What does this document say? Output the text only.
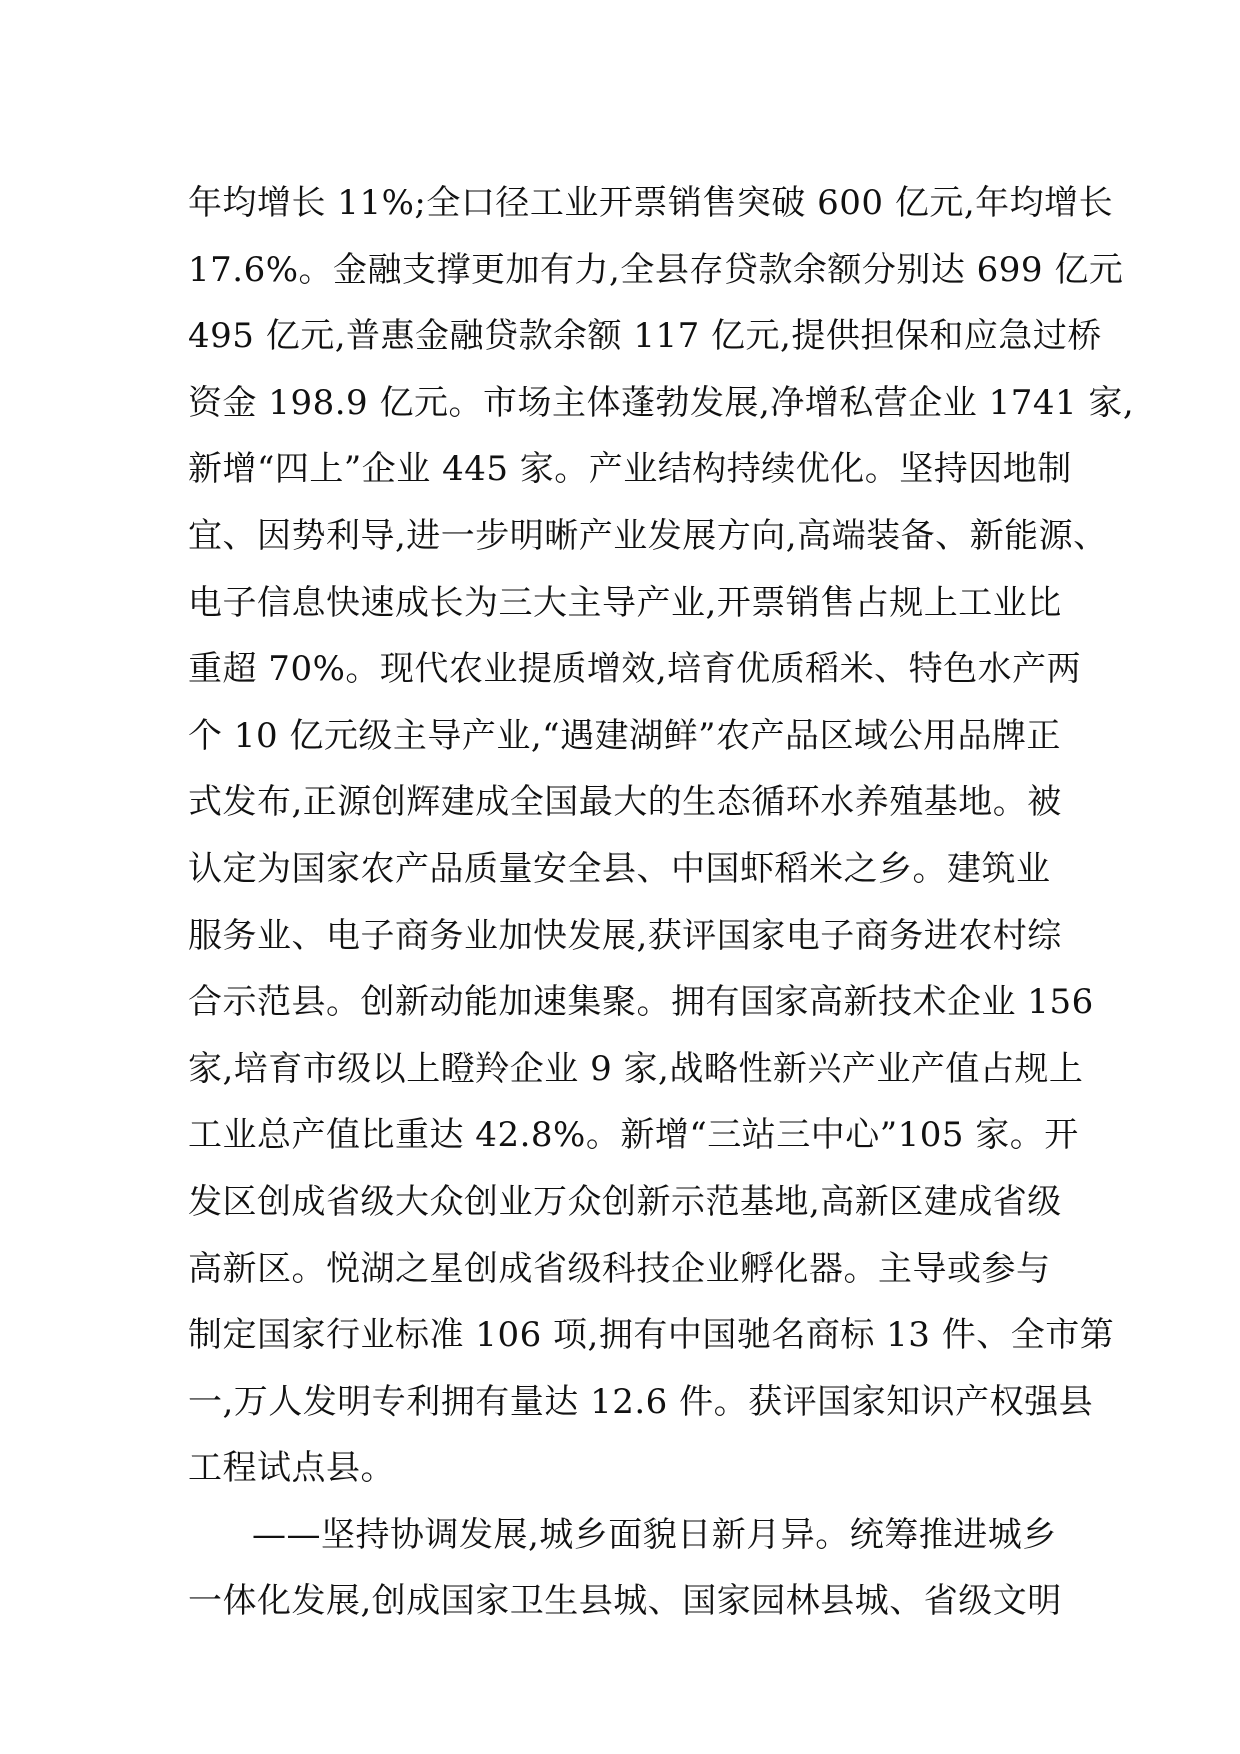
年均增长 11%;全口径工业开票销售突破 600 亿元,年均增长
17.6%。金融支撑更加有力,全县存贷款余额分别达 699 亿元
495 亿元,普惠金融贷款余额 117 亿元,提供担保和应急过桥
资金 198.9 亿元。市场主体蓬勃发展,净增私营企业 1741 家,
新增“四上”企业 445 家。产业结构持续优化。坚持因地制
宜、因势利导,进一步明晰产业发展方向,高端装备、新能源、
电子信息快速成长为三大主导产业,开票销售占规上工业比
重超 70%。现代农业提质增效,培育优质稻米、特色水产两
个 10 亿元级主导产业,“遇建湖鲜”农产品区域公用品牌正
式发布,正源创辉建成全国最大的生态循环水养殖基地。被
认定为国家农产品质量安全县、中国虾稻米之乡。建筑业
服务业、电子商务业加快发展,获评国家电子商务进农村综
合示范县。创新动能加速集聚。拥有国家高新技术企业 156
家,培育市级以上瞪羚企业 9 家,战略性新兴产业产值占规上
工业总产值比重达 42.8%。新增“三站三中心”105 家。开
发区创成省级大众创业万众创新示范基地,高新区建成省级
高新区。悦湖之星创成省级科技企业孵化器。主导或参与
制定国家行业标准 106 项,拥有中国驰名商标 13 件、全市第
一,万人发明专利拥有量达 12.6 件。获评国家知识产权强县
工程试点县。
——坚持协调发展,城乡面貌日新月异。统筹推进城乡
一体化发展,创成国家卫生县城、国家园林县城、省级文明
